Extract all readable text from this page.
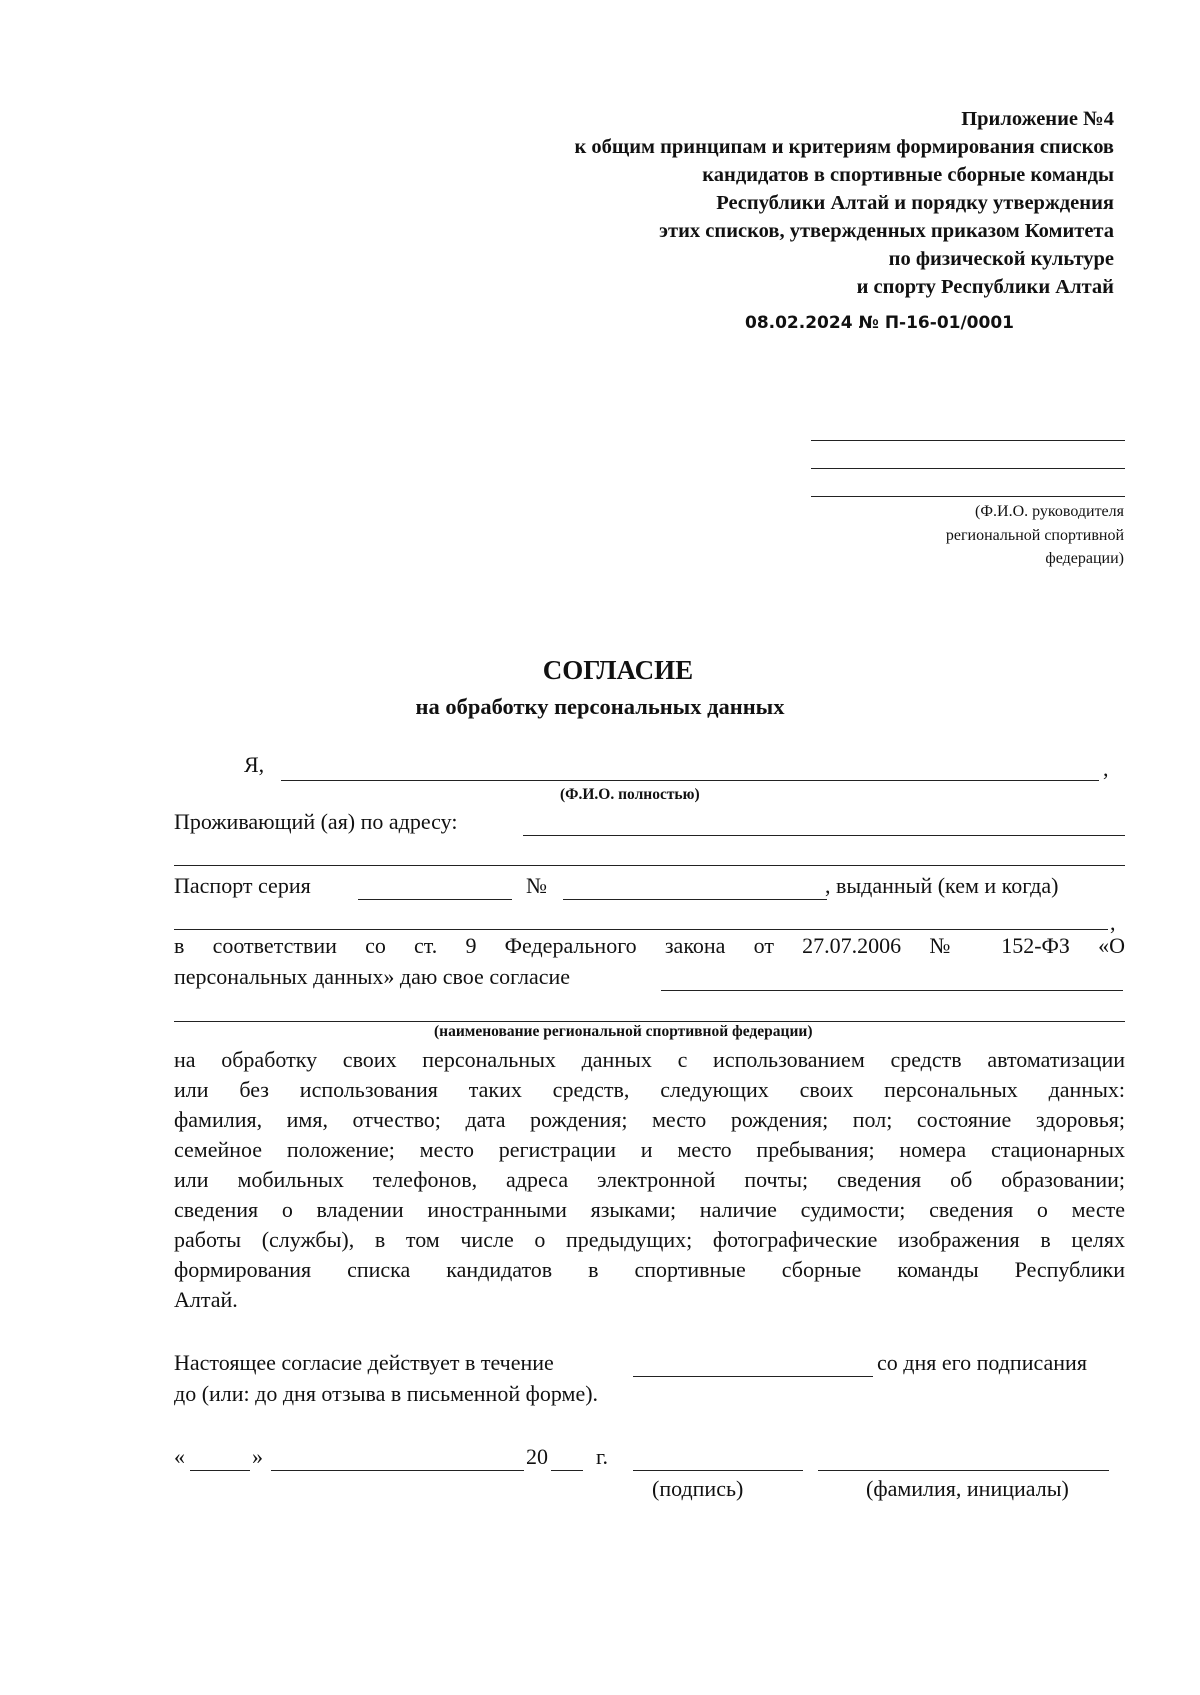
Приложение №4
к общим принципам и критериям формирования списков
кандидатов в спортивные сборные команды
Республики Алтай и порядку утверждения
этих списков, утвержденных приказом Комитета
по физической культуре
и спорту Республики Алтай
08.02.2024 № П-16-01/0001
(Ф.И.О. руководителя
региональной спортивной
федерации)
СОГЛАСИЕ
на обработку персональных данных
Я,	,
(Ф.И.О. полностью)
Проживающий (ая) по адресу:
Паспорт серия	№	, выданный (кем и когда)
,
в соответствии со ст. 9 Федерального закона от 27.07.2006 № 152-ФЗ «О
персональных данных» даю свое согласие
(наименование региональной спортивной федерации)
на обработку своих персональных данных с использованием средств автоматизации
или без использования таких средств, следующих своих персональных данных:
фамилия, имя, отчество; дата рождения; место рождения; пол; состояние здоровья;
семейное положение; место регистрации и место пребывания; номера стационарных
или мобильных телефонов, адреса электронной почты; сведения об образовании;
сведения о владении иностранными языками; наличие судимости; сведения о месте
работы (службы), в том числе о предыдущих; фотографические изображения в целях
формирования списка кандидатов в спортивные сборные команды Республики
Алтай.
Настоящее согласие действует в течение	со дня его подписания
до (или: до дня отзыва в письменной форме).
«	»	20 г.
(подпись)	(фамилия, инициалы)
